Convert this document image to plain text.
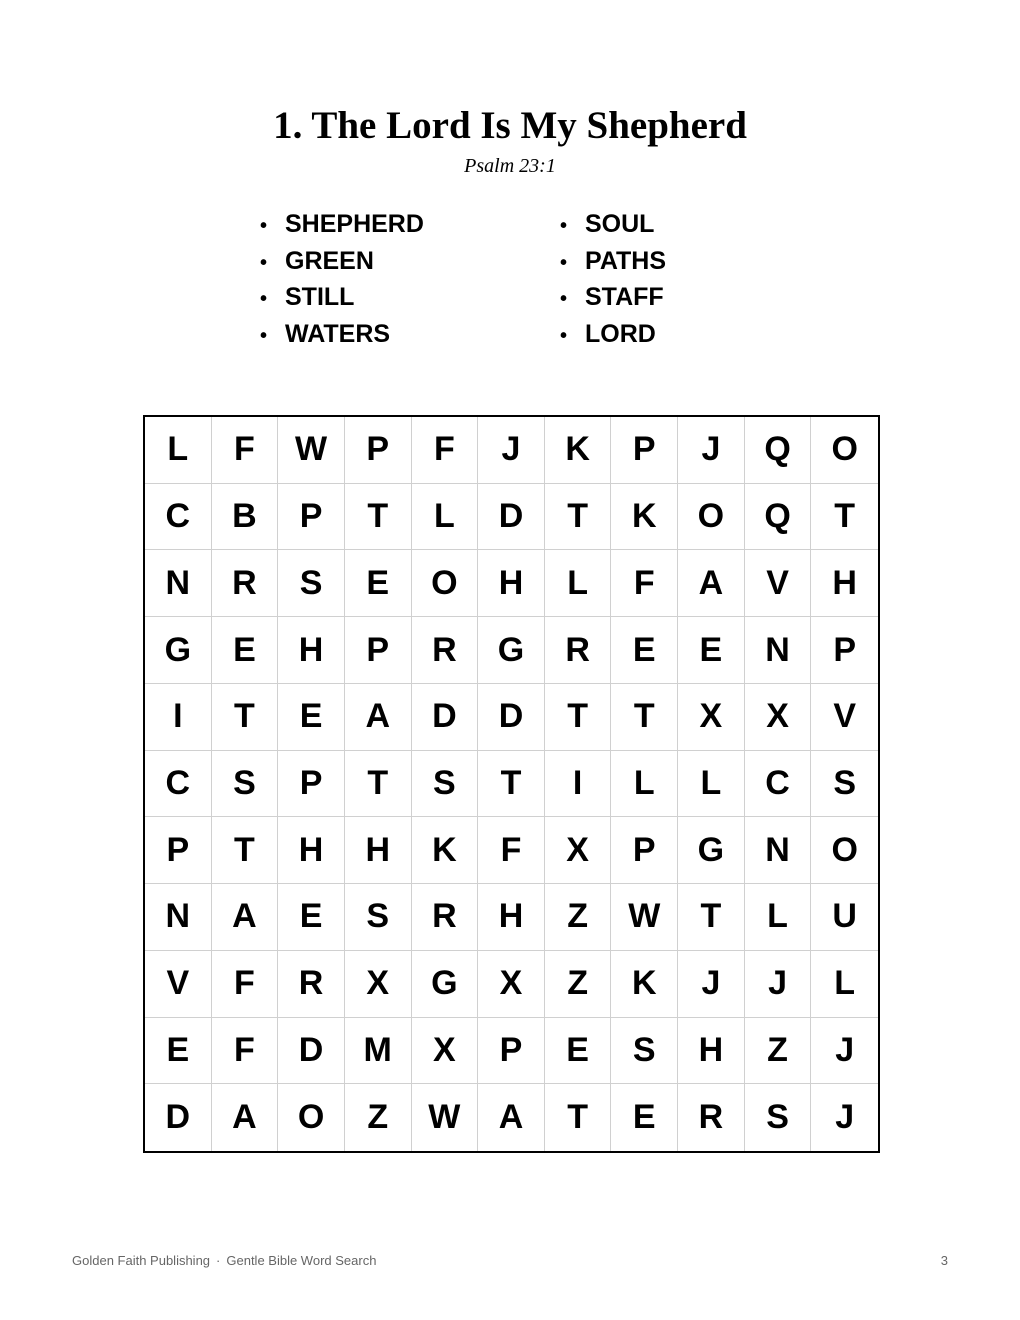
1. The Lord Is My Shepherd
Psalm 23:1
• SHEPHERD
• GREEN
• STILL
• WATERS
• SOUL
• PATHS
• STAFF
• LORD
L	F	W	P	F	J	K	P	J	Q	O
C	B	P	T	L	D	T	K	O	Q	T
N	R	S	E	O	H	L	F	A	V	H
G	E	H	P	R	G	R	E	E	N	P
I	T	E	A	D	D	T	T	X	X	V
C	S	P	T	S	T	I	L	L	C	S
P	T	H	H	K	F	X	P	G	N	O
N	A	E	S	R	H	Z	W	T	L	U
V	F	R	X	G	X	Z	K	J	J	L
E	F	D	M	X	P	E	S	H	Z	J
D	A	O	Z	W	A	T	E	R	S	J
Golden Faith Publishing · Gentle Bible Word Search	3
